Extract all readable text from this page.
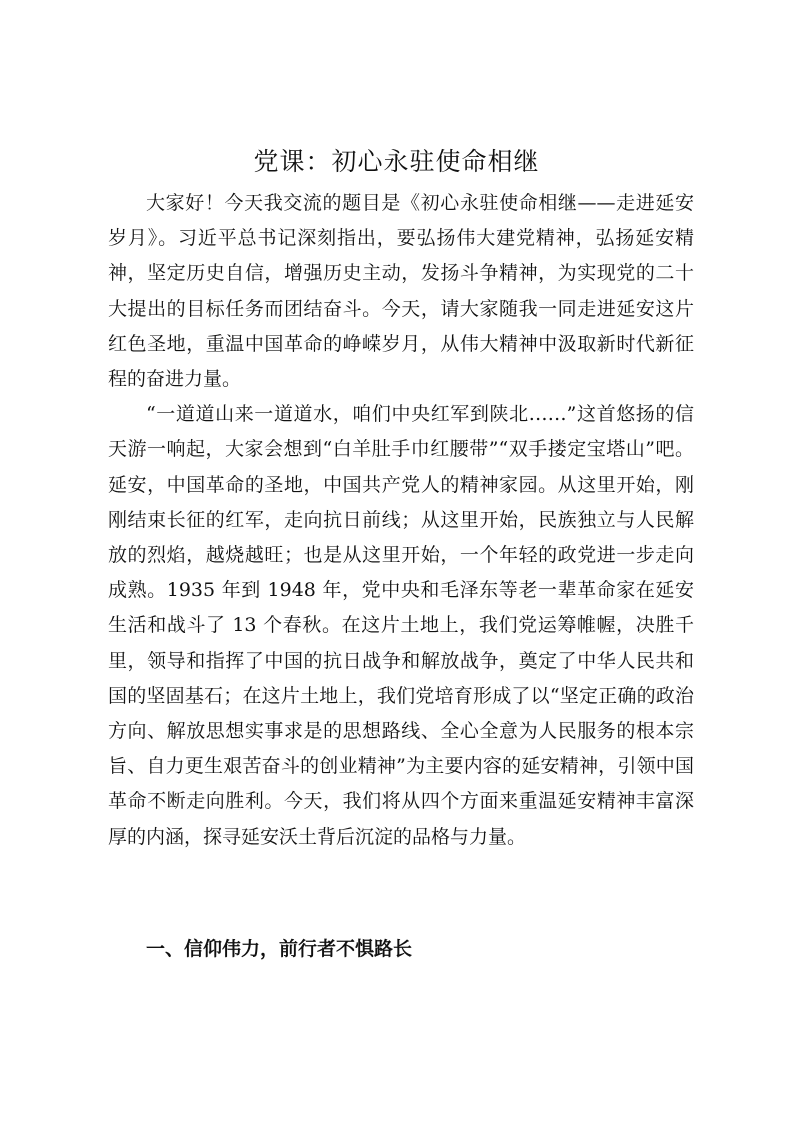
党课：初心永驻使命相继

大家好！今天我交流的题目是《初心永驻使命相继——走进延安岁月》。习近平总书记深刻指出，要弘扬伟大建党精神，弘扬延安精神，坚定历史自信，增强历史主动，发扬斗争精神，为实现党的二十大提出的目标任务而团结奋斗。今天，请大家随我一同走进延安这片红色圣地，重温中国革命的峥嵘岁月，从伟大精神中汲取新时代新征程的奋进力量。

“一道道山来一道道水，咱们中央红军到陕北……”这首悠扬的信天游一响起，大家会想到“白羊肚手巾红腰带”“双手搂定宝塔山”吧。延安，中国革命的圣地，中国共产党人的精神家园。从这里开始，刚刚结束长征的红军，走向抗日前线；从这里开始，民族独立与人民解放的烈焰，越烧越旺；也是从这里开始，一个年轻的政党进一步走向成熟。1935 年到 1948 年，党中央和毛泽东等老一辈革命家在延安生活和战斗了 13 个春秋。在这片土地上，我们党运筹帷幄，决胜千里，领导和指挥了中国的抗日战争和解放战争，奠定了中华人民共和国的坚固基石；在这片土地上，我们党培育形成了以“坚定正确的政治方向、解放思想实事求是的思想路线、全心全意为人民服务的根本宗旨、自力更生艰苦奋斗的创业精神”为主要内容的延安精神，引领中国革命不断走向胜利。今天，我们将从四个方面来重温延安精神丰富深厚的内涵，探寻延安沃土背后沉淀的品格与力量。

一、信仰伟力，前行者不惧路长
